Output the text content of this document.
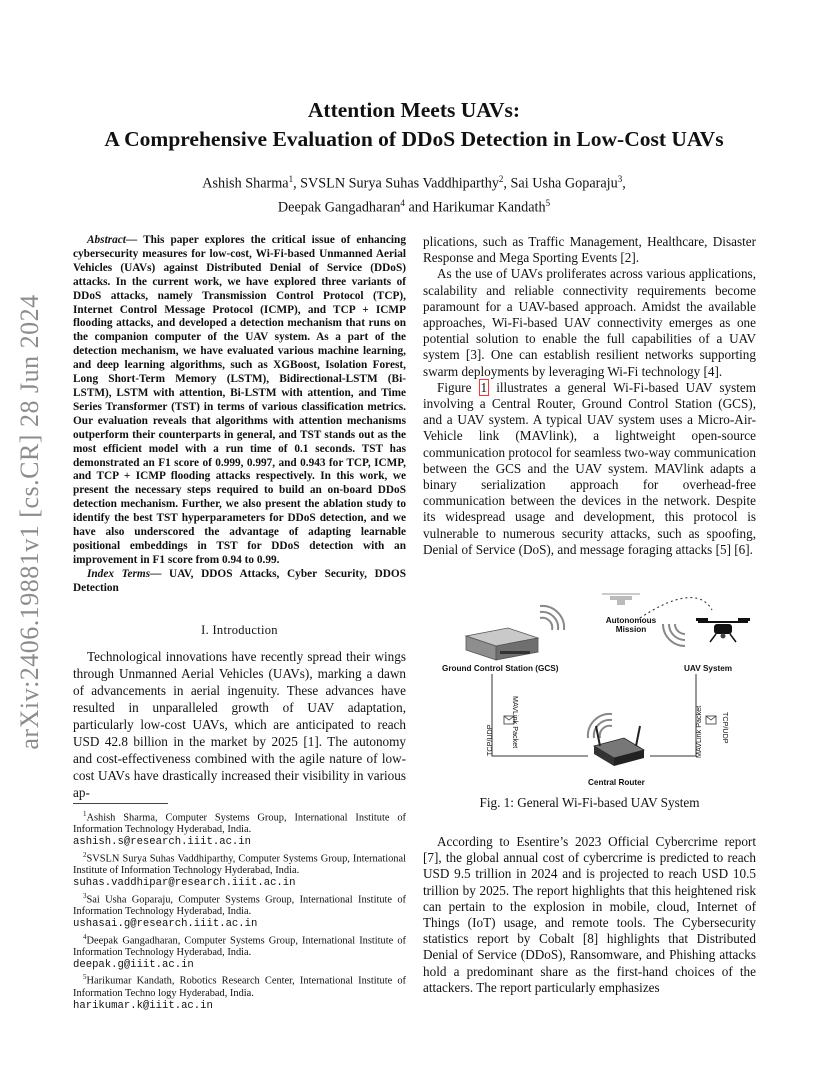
arXiv:2406.19881v1 [cs.CR] 28 Jun 2024
Attention Meets UAVs:
A Comprehensive Evaluation of DDoS Detection in Low-Cost UAVs
Ashish Sharma$^1$, SVSLN Surya Suhas Vaddhiparthy$^2$, Sai Usha Goparaju$^3$,
Deepak Gangadharan$^4$ and Harikumar Kandath$^5$

Abstract— This paper explores the critical issue of enhancing cybersecurity measures for low-cost, Wi-Fi-based Unmanned Aerial Vehicles (UAVs) against Distributed Denial of Service (DDoS) attacks. In the current work, we have explored three variants of DDoS attacks, namely Transmission Control Protocol (TCP), Internet Control Message Protocol (ICMP), and TCP + ICMP flooding attacks, and developed a detection mechanism that runs on the companion computer of the UAV system. As a part of the detection mechanism, we have evaluated various machine learning, and deep learning algorithms, such as XGBoost, Isolation Forest, Long Short-Term Memory (LSTM), Bidirectional-LSTM (Bi-LSTM), LSTM with attention, Bi-LSTM with attention, and Time Series Transformer (TST) in terms of various classification metrics. Our evaluation reveals that algorithms with attention mechanisms outperform their counterparts in general, and TST stands out as the most efficient model with a run time of 0.1 seconds. TST has demonstrated an F1 score of 0.999, 0.997, and 0.943 for TCP, ICMP, and TCP + ICMP flooding attacks respectively. In this work, we present the necessary steps required to build an on-board DDoS detection mechanism. Further, we also present the ablation study to identify the best TST hyperparameters for DDoS detection, and we have also underscored the advantage of adapting learnable positional embeddings in TST for DDoS detection with an improvement in F1 score from 0.94 to 0.99.

Index Terms— UAV, DDOS Attacks, Cyber Security, DDOS Detection

I. Introduction

Technological innovations have recently spread their wings through Unmanned Aerial Vehicles (UAVs), marking a dawn of advancements in aerial ingenuity. These advances have resulted in unparalleled growth of UAV adaptation, particularly low-cost UAVs, which are anticipated to reach USD 42.8 billion in the market by 2025 [1]. The autonomy and cost-effectiveness combined with the agile nature of low-cost UAVs have drastically increased their visibility in various ap-

$^1$Ashish Sharma, Computer Systems Group, International Institute of Information Technology Hyderabad, India.
ashish.s@research.iiit.ac.in

$^2$SVSLN Surya Suhas Vaddhiparthy, Computer Systems Group, International Institute of Information Technology Hyderabad, India.
suhas.vaddhipar@research.iiit.ac.in

$^3$Sai Usha Goparaju, Computer Systems Group, International Institute of Information Technology Hyderabad, India.
ushasai.g@research.iiit.ac.in

$^4$Deepak Gangadharan, Computer Systems Group, International Institute of Information Technology Hyderabad, India.
deepak.g@iiit.ac.in

$^5$Harikumar Kandath, Robotics Research Center, International Institute of Information Techno logy Hyderabad, India.
harikumar.k@iiit.ac.in

plications, such as Traffic Management, Healthcare, Disaster Response and Mega Sporting Events [2].

As the use of UAVs proliferates across various applications, scalability and reliable connectivity requirements become paramount for a UAV-based approach. Amidst the available approaches, Wi-Fi-based UAV connectivity emerges as one potential solution to enable the full capabilities of a UAV system [3]. One can establish resilient networks supporting swarm deployments by leveraging Wi-Fi technology [4].

Figure 1 illustrates a general Wi-Fi-based UAV system involving a Central Router, Ground Control Station (GCS), and a UAV system. A typical UAV system uses a Micro-Air- Vehicle link (MAVlink), a lightweight open-source communication protocol for seamless two-way communication between the GCS and the UAV system. MAVlink adapts a binary serialization approach for overhead-free communication between the devices in the network. Despite its widespread usage and development, this protocol is vulnerable to numerous security attacks, such as spoofing, Denial of Service (DoS), and message foraging attacks [5] [6].

Autonomous
Mission
Ground Control Station (GCS)	UAV System
Central Router
TCP/UDP MAVLink Packet	MAVLink Packet	TCP/UDP
Fig. 1: General Wi-Fi-based UAV System

According to Esentire’s 2023 Official Cybercrime report [7], the global annual cost of cybercrime is predicted to reach USD 9.5 trillion in 2024 and is projected to reach USD 10.5 trillion by 2025. The report highlights that this heightened risk can pertain to the explosion in mobile, cloud, Internet of Things (IoT) usage, and remote tools. The Cybersecurity statistics report by Cobalt [8] highlights that Distributed Denial of Service (DDoS), Ransomware, and Phishing attacks hold a predominant share as the first-hand choices of the attackers. The report particularly emphasizes
